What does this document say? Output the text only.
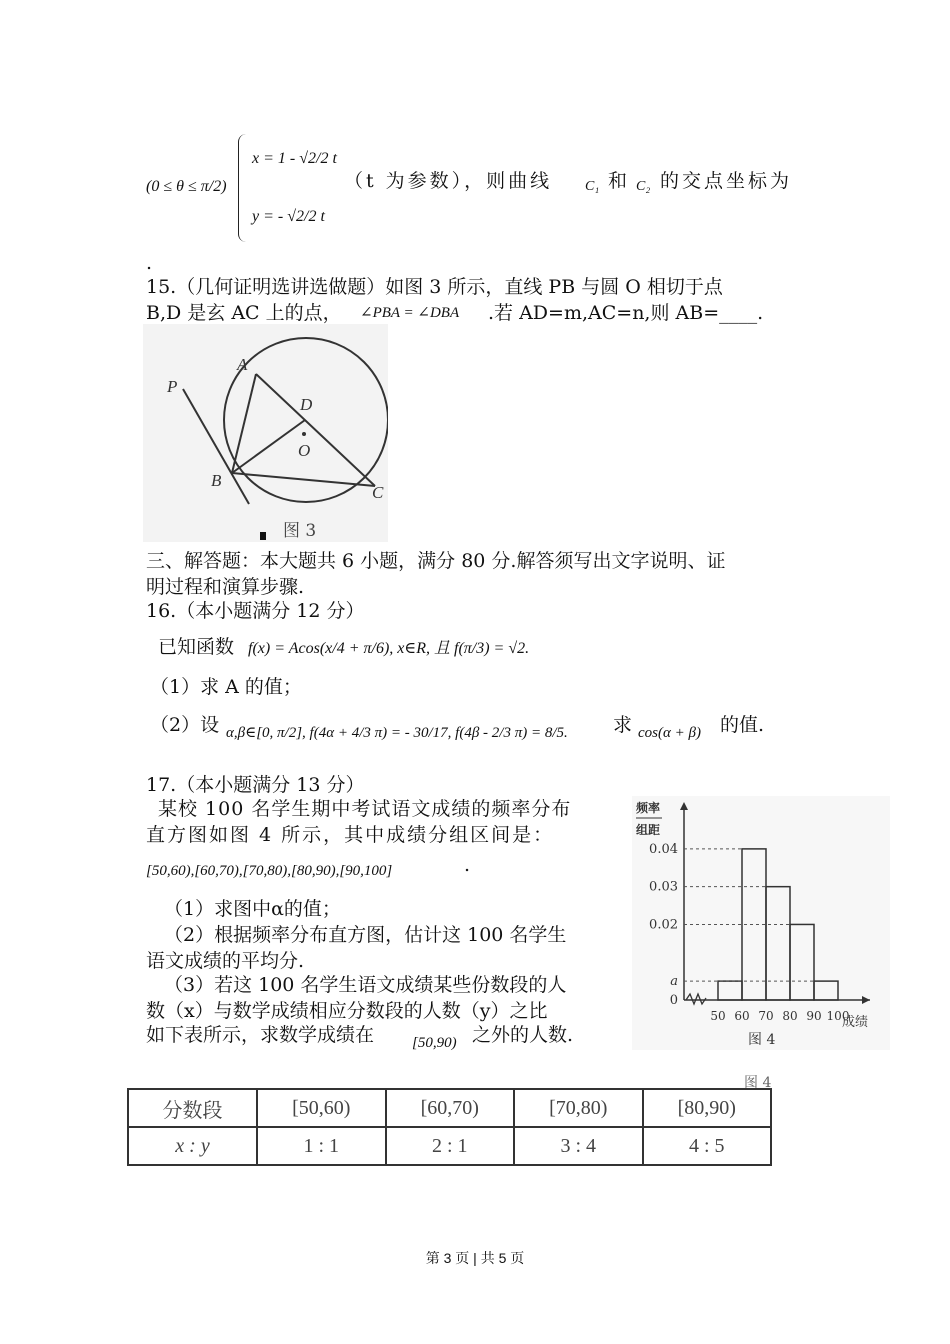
(0 ≤ θ ≤ π/2)
x = 1 - √2/2 t
y = - √2/2 t
（t 为参数），则曲线 C₁ 和 C₂ 的交点坐标为
.
15.（几何证明选讲选做题）如图 3 所示，直线 PB 与圆 O 相切于点
B,D 是玄 AC 上的点， ∠PBA = ∠DBA .若 AD=m,AC=n,则 AB=____.
P
A
D
O
B
C
图 3
三、解答题：本大题共 6 小题，满分 80 分.解答须写出文字说明、证
明过程和演算步骤.
16.（本小题满分 12 分）
已知函数 f(x) = Acos(x/4 + π/6), x∈R, 且 f(π/3) = √2.
（1）求 A 的值；
（2）设 α,β∈[0, π/2], f(4α + 4/3 π) = - 30/17, f(4β - 2/3 π) = 8/5. 求 cos(α + β) 的值.
17.（本小题满分 13 分）
某校 100 名学生期中考试语文成绩的频率分布
直方图如图 4 所示，其中成绩分组区间是：
[50,60),[60,70),[70,80),[80,90),[90,100]	.
（1）求图中α的值；
（2）根据频率分布直方图，估计这 100 名学生
语文成绩的平均分.
（3）若这 100 名学生语文成绩某些份数段的人
数（x）与数学成绩相应分数段的人数（y）之比
如下表所示，求数学成绩在	[50,90) 之外的人数.
频率
组距
0.04
0.03
0.02
a
0
50 60 70 80 90 100
成绩
图 4
图 4
分数段	[50,60)	[60,70)	[70,80)	[80,90)
x : y	1 : 1	2 : 1	3 : 4	4 : 5
第 3 页 | 共 5 页
